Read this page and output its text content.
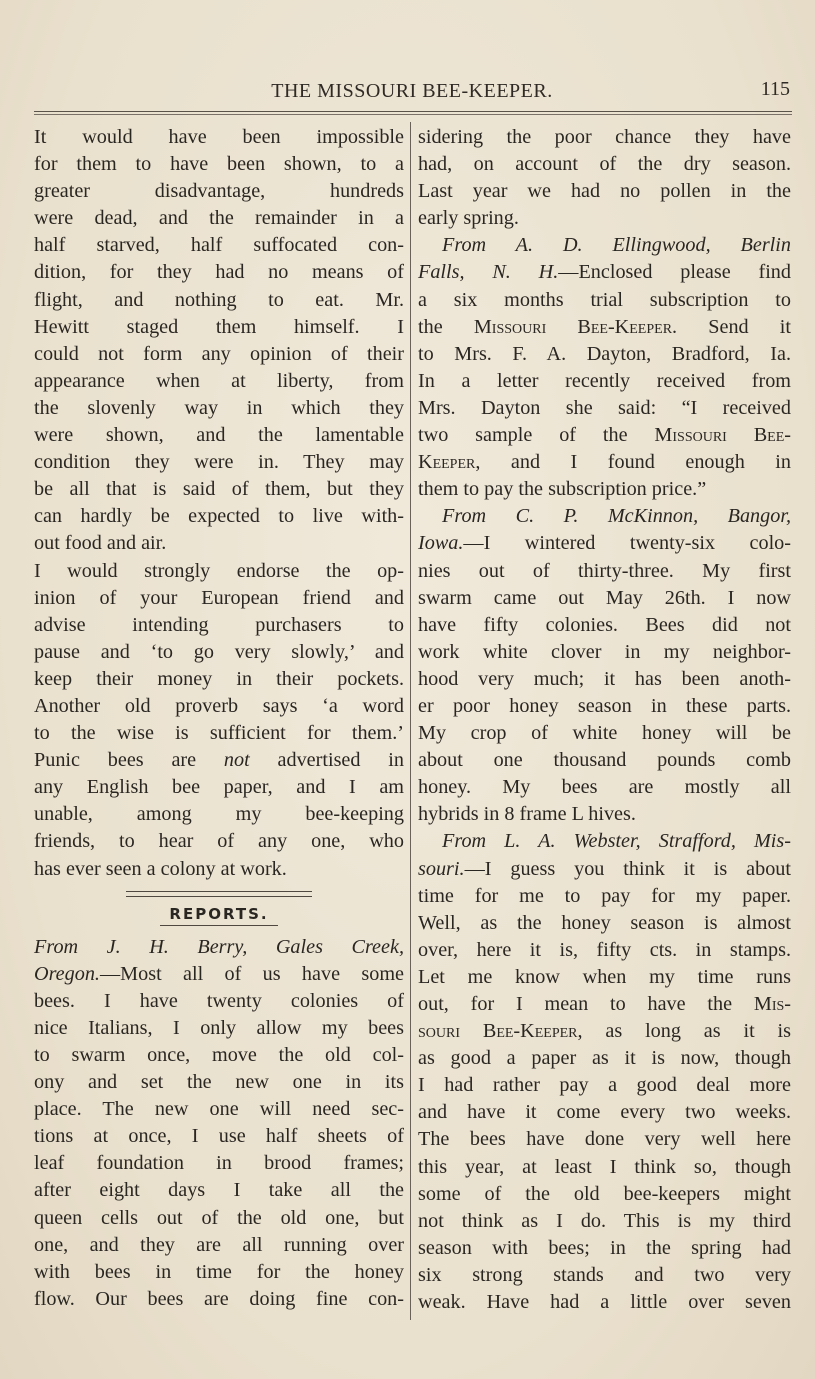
THE MISSOURI BEE-KEEPER.	115
It would have been impossible
for them to have been shown, to a
greater disadvantage, hundreds
were dead, and the remainder in a
half starved, half suffocated con-
dition, for they had no means of
flight, and nothing to eat. Mr.
Hewitt staged them himself. I
could not form any opinion of their
appearance when at liberty, from
the slovenly way in which they
were shown, and the lamentable
condition they were in. They may
be all that is said of them, but they
can hardly be expected to live with-
out food and air.
I would strongly endorse the op-
inion of your European friend and
advise intending purchasers to
pause and ‘to go very slowly,’ and
keep their money in their pockets.
Another old proverb says ‘a word
to the wise is sufficient for them.’
Punic bees are not advertised in
any English bee paper, and I am
unable, among my bee-keeping
friends, to hear of any one, who
has ever seen a colony at work.
REPORTS.
From J. H. Berry, Gales Creek,
Oregon.—Most all of us have some
bees. I have twenty colonies of
nice Italians, I only allow my bees
to swarm once, move the old col-
ony and set the new one in its
place. The new one will need sec-
tions at once, I use half sheets of
leaf foundation in brood frames;
after eight days I take all the
queen cells out of the old one, but
one, and they are all running over
with bees in time for the honey
flow. Our bees are doing fine con-
sidering the poor chance they have
had, on account of the dry season.
Last year we had no pollen in the
early spring.
From A. D. Ellingwood, Berlin
Falls, N. H.—Enclosed please find
a six months trial subscription to
the Missouri Bee-Keeper. Send it
to Mrs. F. A. Dayton, Bradford, Ia.
In a letter recently received from
Mrs. Dayton she said: “I received
two sample of the Missouri Bee-
Keeper, and I found enough in
them to pay the subscription price.”
From C. P. McKinnon, Bangor,
Iowa.—I wintered twenty-six colo-
nies out of thirty-three. My first
swarm came out May 26th. I now
have fifty colonies. Bees did not
work white clover in my neighbor-
hood very much; it has been anoth-
er poor honey season in these parts.
My crop of white honey will be
about one thousand pounds comb
honey. My bees are mostly all
hybrids in 8 frame L hives.
From L. A. Webster, Strafford, Mis-
souri.—I guess you think it is about
time for me to pay for my paper.
Well, as the honey season is almost
over, here it is, fifty cts. in stamps.
Let me know when my time runs
out, for I mean to have the Mis-
souri Bee-Keeper, as long as it is
as good a paper as it is now, though
I had rather pay a good deal more
and have it come every two weeks.
The bees have done very well here
this year, at least I think so, though
some of the old bee-keepers might
not think as I do. This is my third
season with bees; in the spring had
six strong stands and two very
weak. Have had a little over seven
